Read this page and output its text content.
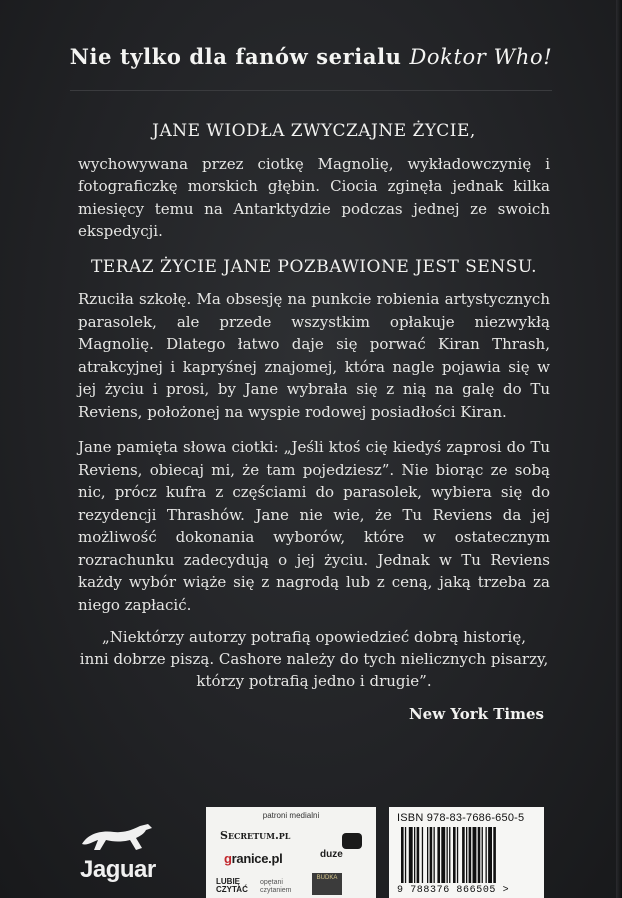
Nie tylko dla fanów serialu Doktor Who!

JANE WIODŁA ZWYCZAJNE ŻYCIE,

wychowywana przez ciotkę Magnolię, wykładowczynię i fotograficzkę morskich głębin. Ciocia zginęła jednak kilka miesięcy temu na Antarktydzie podczas jednej ze swoich ekspedycji.

TERAZ ŻYCIE JANE POZBAWIONE JEST SENSU.

Rzuciła szkołę. Ma obsesję na punkcie robienia artystycznych parasolek, ale przede wszystkim opłakuje niezwykłą Magnolię. Dlatego łatwo daje się porwać Kiran Thrash, atrakcyjnej i kapryśnej znajomej, która nagle pojawia się w jej życiu i prosi, by Jane wybrała się z nią na galę do Tu Reviens, położonej na wyspie rodowej posiadłości Kiran.

Jane pamięta słowa ciotki: „Jeśli ktoś cię kiedyś zaprosi do Tu Reviens, obiecaj mi, że tam pojedziesz”. Nie biorąc ze sobą nic, prócz kufra z częściami do parasolek, wybiera się do rezydencji Thrashów. Jane nie wie, że Tu Reviens da jej możliwość dokonania wyborów, które w ostatecznym rozrachunku zadecydują o jej życiu. Jednak w Tu Reviens każdy wybór wiąże się z nagrodą lub z ceną, jaką trzeba za niego zapłacić.

„Niektórzy autorzy potrafią opowiedzieć dobrą historię,
inni dobrze piszą. Cashore należy do tych nielicznych pisarzy,
którzy potrafią jedno i drugie”.
New York Times
Jaguar
patroni medialni
Secretum.pl
duze
granice.pl
LUBIĘ
CZYTAĆ
opętani
czytaniem
BUDKA
ISBN 978-83-7686-650-5
9 788376 866505 >
